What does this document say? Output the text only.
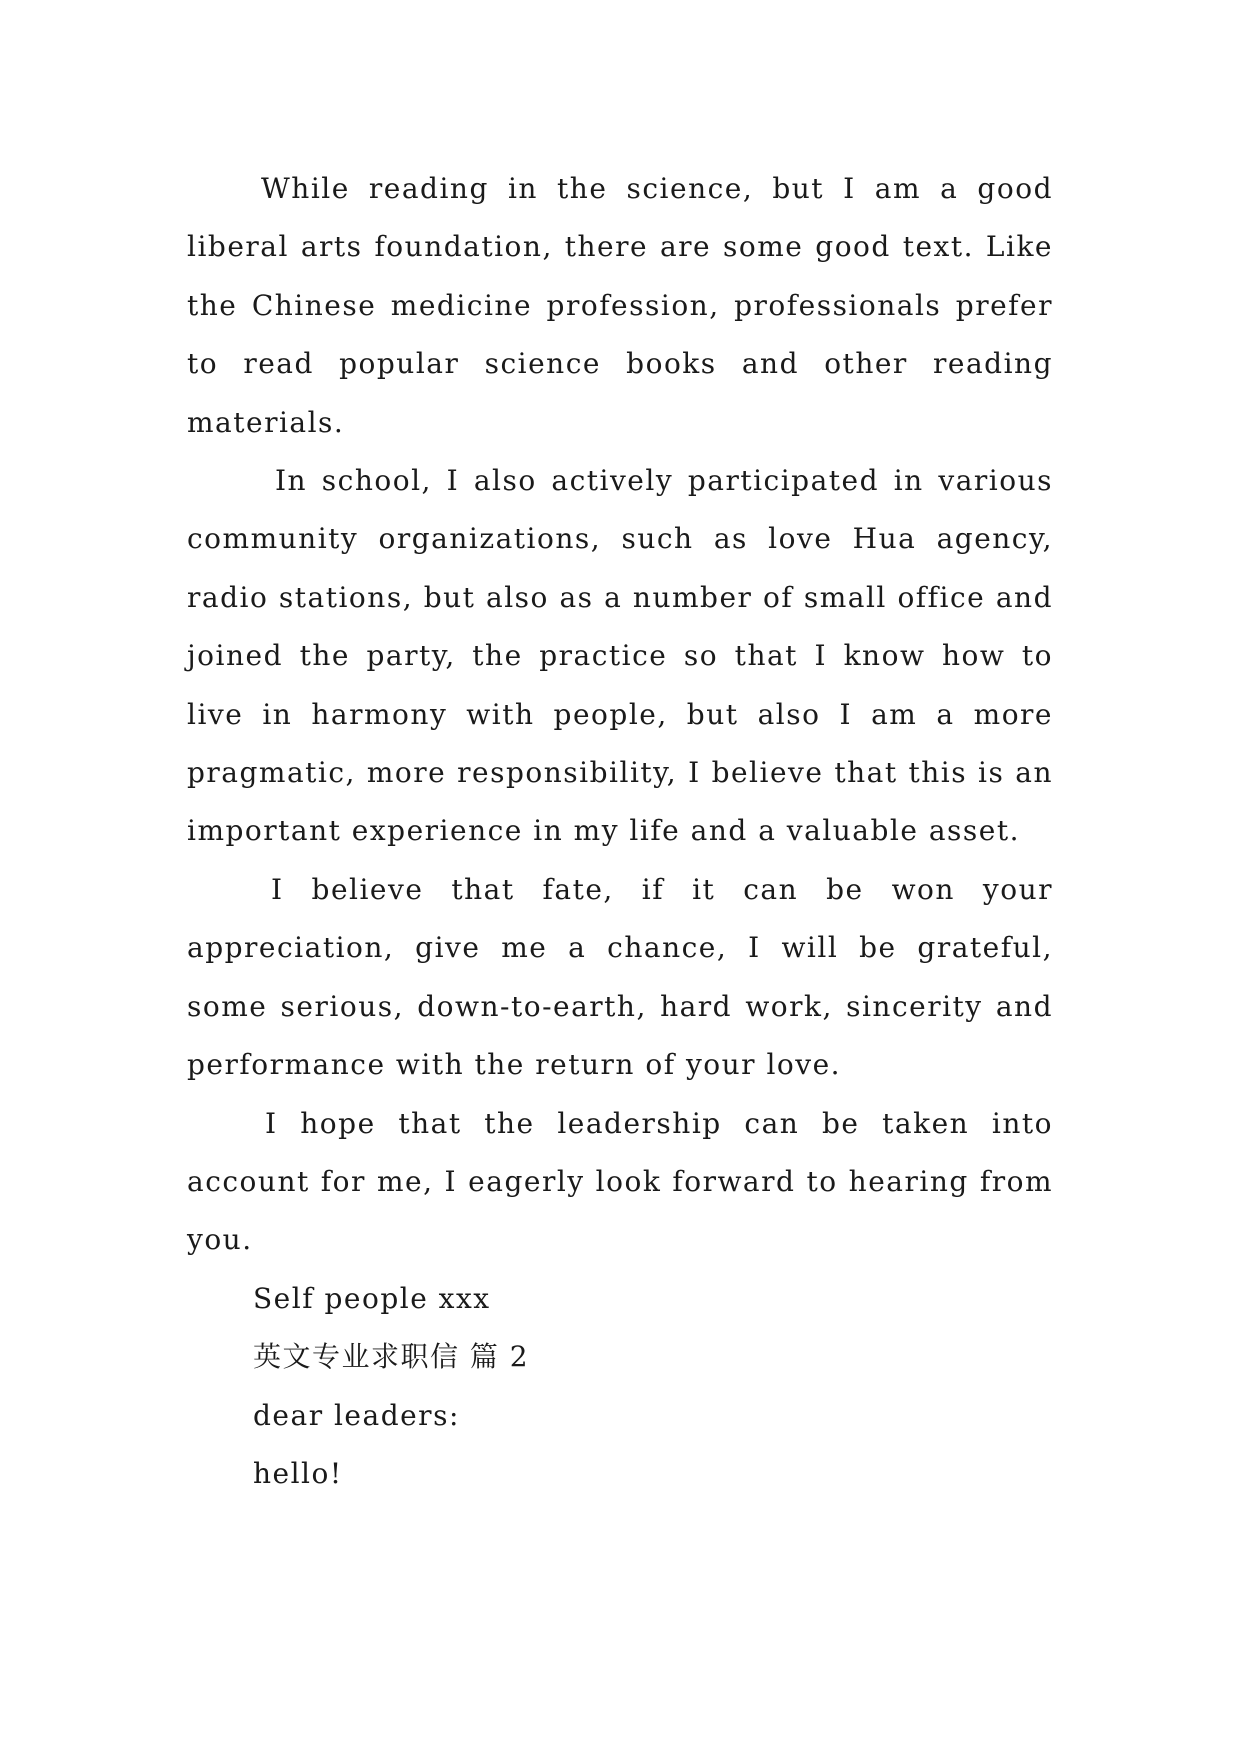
While reading in the science, but I am a good liberal arts foundation, there are some good text. Like the Chinese medicine profession, professionals prefer to read popular science books and other reading materials.

In school, I also actively participated in various community organizations, such as love Hua agency, radio stations, but also as a number of small office and joined the party, the practice so that I know how to live in harmony with people, but also I am a more pragmatic, more responsibility, I believe that this is an important experience in my life and a valuable asset.

I believe that fate, if it can be won your appreciation, give me a chance, I will be grateful, some serious, down-to-earth, hard work, sincerity and performance with the return of your love.

I hope that the leadership can be taken into account for me, I eagerly look forward to hearing from you.

Self people xxx

英文专业求职信 篇 2

dear leaders:

hello!
